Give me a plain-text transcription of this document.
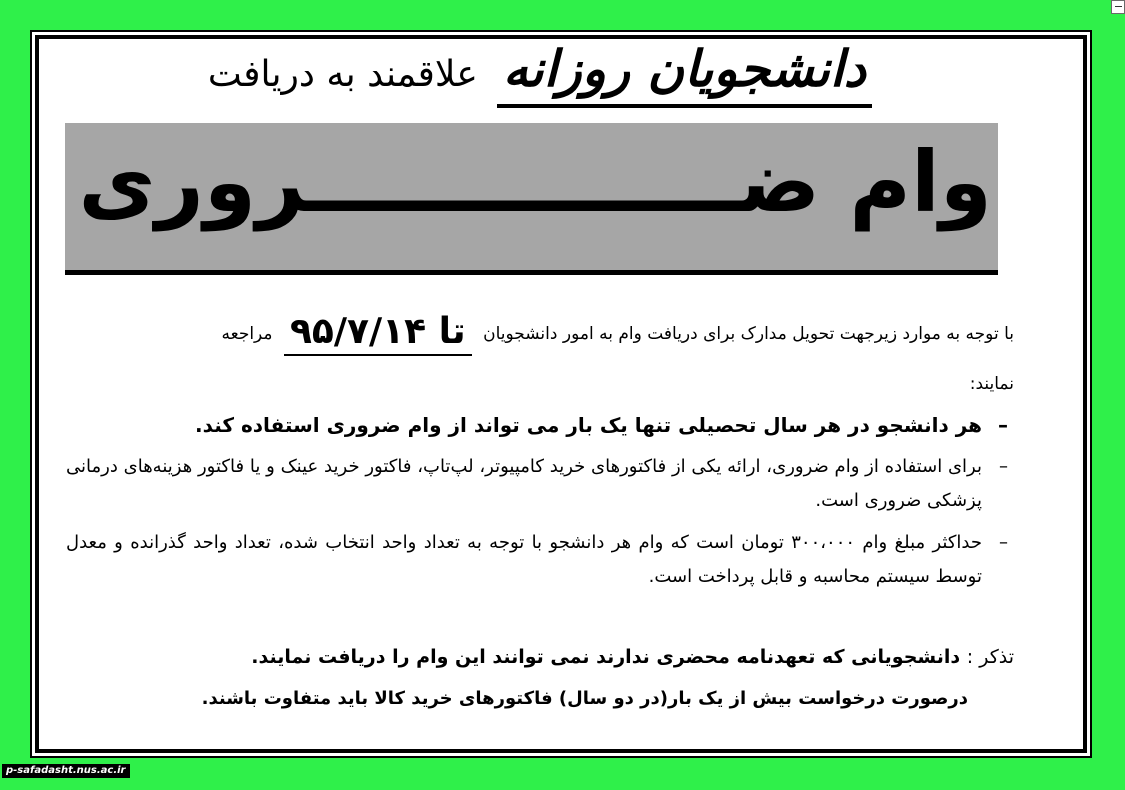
دانشجویان روزانه علاقمند به دریافت
وام ضـــــــــــــــروری
با توجه به موارد زیرجهت تحویل مدارک برای دریافت وام به امور دانشجویان تا ۹۵/۷/۱۴ مراجعه
نمایند:
–
هر دانشجو در هر سال تحصیلی تنها یک بار می تواند از وام ضروری استفاده کند.
–
برای استفاده از وام ضروری، ارائه یکی از فاکتورهای خرید کامپیوتر، لپ‌تاپ، فاکتور خرید عینک و یا فاکتور هزینه‌های درمانی پزشکی ضروری است.
–
حداکثر مبلغ وام ۳۰۰،۰۰۰ تومان است که وام هر دانشجو با توجه به تعداد واحد انتخاب شده، تعداد واحد گذرانده و معدل توسط سیستم محاسبه و قابل پرداخت است.
تذکر : دانشجویانی که تعهدنامه محضری ندارند نمی توانند این وام را دریافت نمایند.
درصورت درخواست بیش از یک بار(در دو سال) فاکتورهای خرید کالا باید متفاوت باشند.
p-safadasht.nus.ac.ir
